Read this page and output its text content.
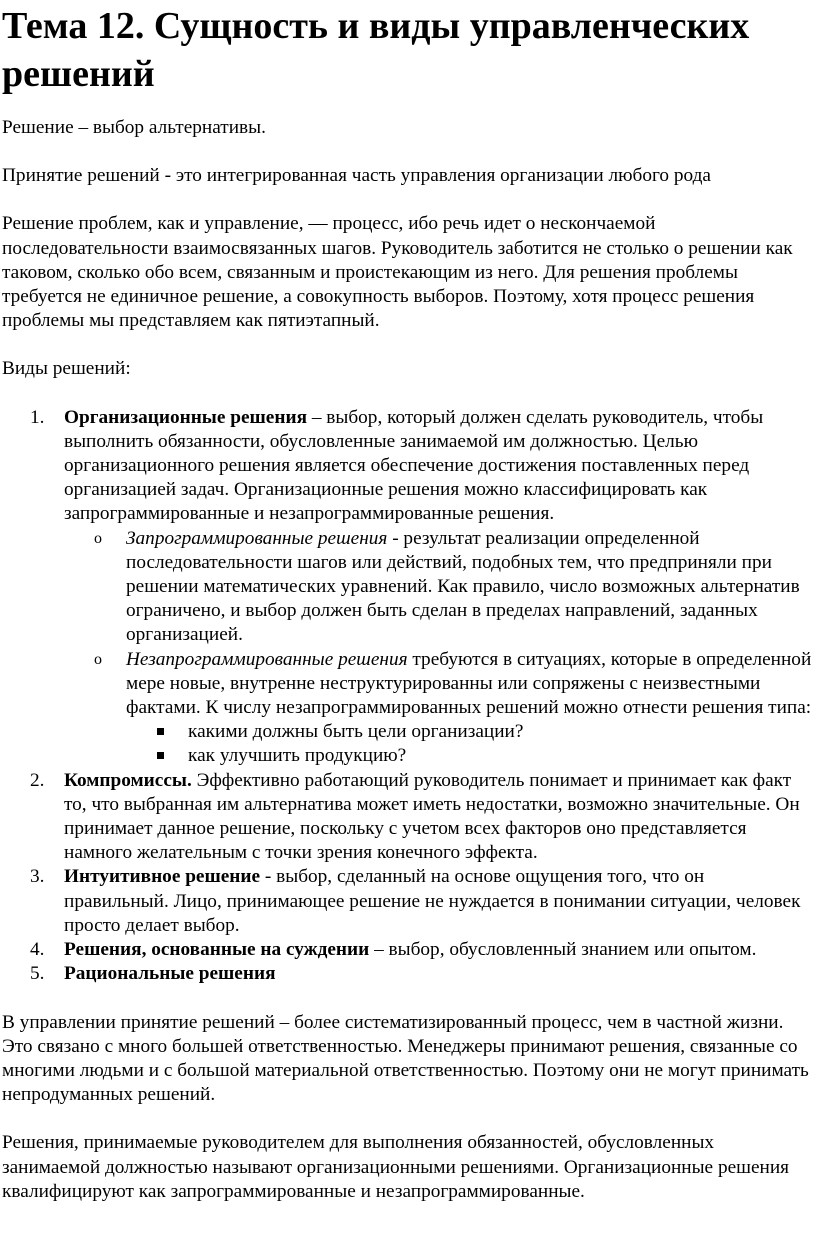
Тема 12. Сущность и виды управленческих решений

Решение – выбор альтернативы.

Принятие решений - это интегрированная часть управления организации любого рода

Решение проблем, как и управление, — процесс, ибо речь идет о нескончаемой последовательности взаимосвязанных шагов. Руководитель заботится не столько о решении как таковом, сколько обо всем, связанным и проистекающим из него. Для решения проблемы требуется не единичное решение, а совокупность выборов. Поэтому, хотя процесс решения проблемы мы представляем как пятиэтапный.

Виды решений:

1. Организационные решения – выбор, который должен сделать руководитель, чтобы выполнить обязанности, обусловленные занимаемой им должностью. Целью организационного решения является обеспечение достижения поставленных перед организацией задач. Организационные решения можно классифицировать как запрограммированные и незапрограммированные решения.
o Запрограммированные решения - результат реализации определенной последовательности шагов или действий, подобных тем, что предприняли при решении математических уравнений. Как правило, число возможных альтернатив ограничено, и выбор должен быть сделан в пределах направлений, заданных организацией.
o Незапрограммированные решения требуются в ситуациях, которые в определенной мере новые, внутренне неструктурированны или сопряжены с неизвестными фактами. К числу незапрограммированных решений можно отнести решения типа:
какими должны быть цели организации?
как улучшить продукцию?
2. Компромиссы. Эффективно работающий руководитель понимает и принимает как факт то, что выбранная им альтернатива может иметь недостатки, возможно значительные. Он принимает данное решение, поскольку с учетом всех факторов оно представляется намного желательным с точки зрения конечного эффекта.
3. Интуитивное решение - выбор, сделанный на основе ощущения того, что он правильный. Лицо, принимающее решение не нуждается в понимании ситуации, человек просто делает выбор.
4. Решения, основанные на суждении – выбор, обусловленный знанием или опытом.
5. Рациональные решения

В управлении принятие решений – более систематизированный процесс, чем в частной жизни. Это связано с много большей ответственностью. Менеджеры принимают решения, связанные со многими людьми и с большой материальной ответственностью. Поэтому они не могут принимать непродуманных решений.

Решения, принимаемые руководителем для выполнения обязанностей, обусловленных занимаемой должностью называют организационными решениями. Организационные решения квалифицируют как запрограммированные и незапрограммированные.
